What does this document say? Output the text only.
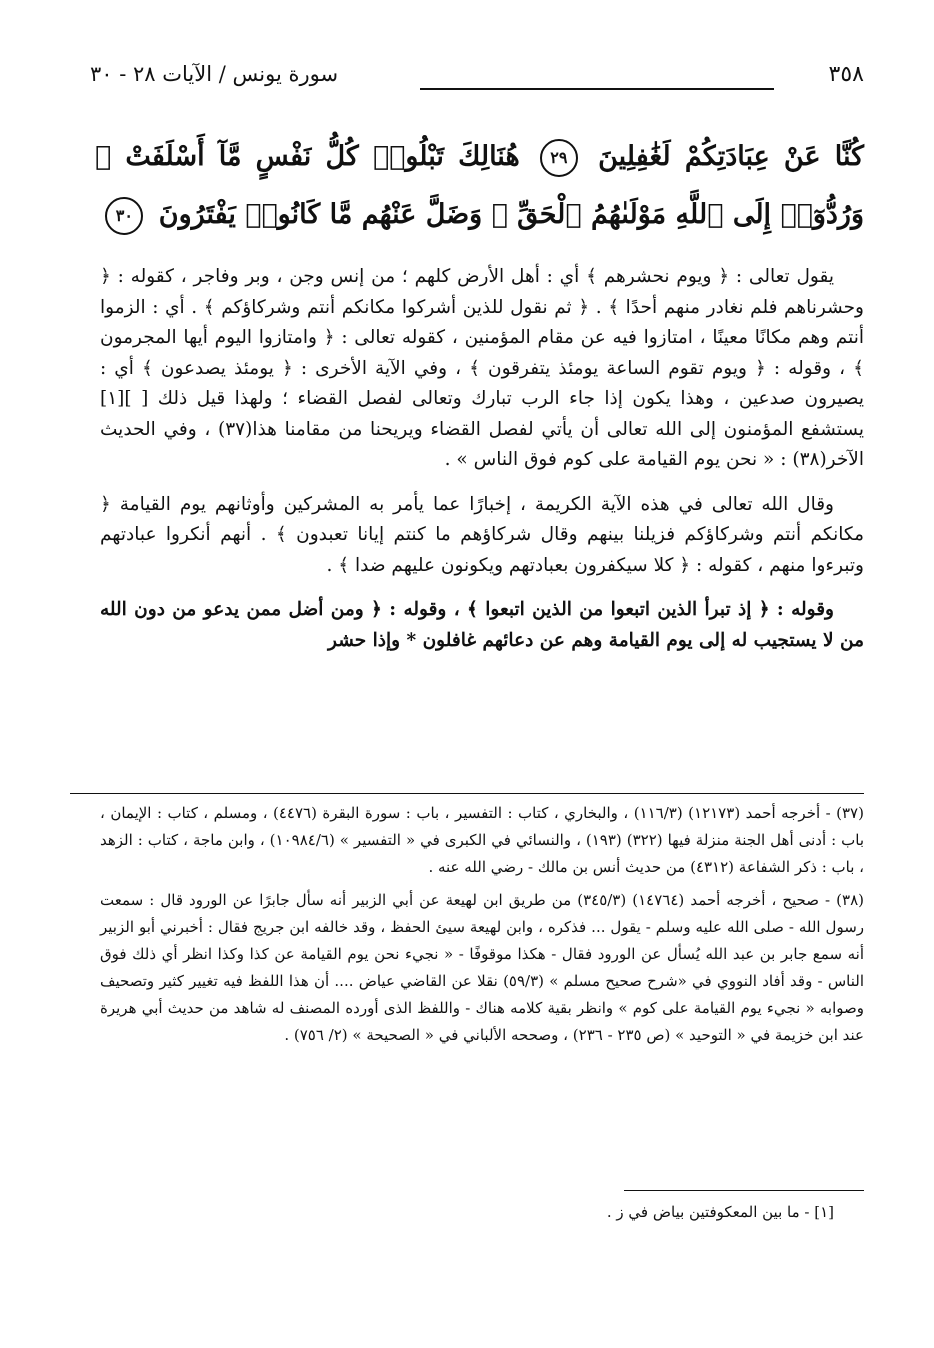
٣٥٨
سورة يونس / الآيات ٢٨ - ٣٠
كُنَّا عَنْ عِبَادَتِكُمْ لَغَٰفِلِينَ ٢٩ هُنَالِكَ تَبْلُوا۟ كُلُّ نَفْسٍ مَّآ أَسْلَفَتْ ۚ وَرُدُّوٓا۟ إِلَى ٱللَّهِ مَوْلَىٰهُمُ ٱلْحَقِّ ۖ وَضَلَّ عَنْهُم مَّا كَانُوا۟ يَفْتَرُونَ ٣٠

يقول تعالى : ﴿ ويوم نحشرهم ﴾ أي : أهل الأرض كلهم ؛ من إنس وجن ، وبر وفاجر ، كقوله : ﴿ وحشرناهم فلم نغادر منهم أحدًا ﴾ . ﴿ ثم نقول للذين أشركوا مكانكم أنتم وشركاؤكم ﴾ . أي : الزموا أنتم وهم مكانًا معينًا ، امتازوا فيه عن مقام المؤمنين ، كقوله تعالى : ﴿ وامتازوا اليوم أيها المجرمون ﴾ ، وقوله : ﴿ ويوم تقوم الساعة يومئذ يتفرقون ﴾ ، وفي الآية الأخرى : ﴿ يومئذ يصدعون ﴾ أي : يصيرون صدعين ، وهذا يكون إذا جاء الرب تبارك وتعالى لفصل القضاء ؛ ولهذا قيل ذلك [ ][١] يستشفع المؤمنون إلى الله تعالى أن يأتي لفصل القضاء ويريحنا من مقامنا هذا(٣٧) ، وفي الحديث الآخر(٣٨) : « نحن يوم القيامة على كوم فوق الناس » .

وقال الله تعالى في هذه الآية الكريمة ، إخبارًا عما يأمر به المشركين وأوثانهم يوم القيامة ﴿ مكانكم أنتم وشركاؤكم فزيلنا بينهم وقال شركاؤهم ما كنتم إيانا تعبدون ﴾ . أنهم أنكروا عبادتهم وتبرءوا منهم ، كقوله : ﴿ كلا سيكفرون بعبادتهم ويكونون عليهم ضدا ﴾ .

وقوله : ﴿ إذ تبرأ الذين اتبعوا من الذين اتبعوا ﴾ ، وقوله : ﴿ ومن أضل ممن يدعو من دون الله من لا يستجيب له إلى يوم القيامة وهم عن دعائهم غافلون * وإذا حشر

(٣٧) - أخرجه أحمد (١٢١٧٣) (١١٦/٣) ، والبخاري ، كتاب : التفسير ، باب : سورة البقرة (٤٤٧٦) ، ومسلم ، كتاب : الإيمان ، باب : أدنى أهل الجنة منزلة فيها (٣٢٢) (١٩٣) ، والنسائي في الكبرى في « التفسير » (١٠٩٨٤/٦) ، وابن ماجة ، كتاب : الزهد ، باب : ذكر الشفاعة (٤٣١٢) من حديث أنس بن مالك - رضي الله عنه .

(٣٨) - صحيح ، أخرجه أحمد (١٤٧٦٤) (٣٤٥/٣) من طريق ابن لهيعة عن أبي الزبير أنه سأل جابرًا عن الورود قال : سمعت رسول الله - صلى الله عليه وسلم - يقول ... فذكره ، وابن لهيعة سيئ الحفظ ، وقد خالفه ابن جريج فقال : أخبرني أبو الزبير أنه سمع جابر بن عبد الله يُسأل عن الورود فقال - هكذا موقوفًا - « نجيء نحن يوم القيامة عن كذا وكذا انظر أي ذلك فوق الناس - وقد أفاد النووي في «شرح صحيح مسلم » (٥٩/٣) نقلا عن القاضي عياض .... أن هذا اللفظ فيه تغيير كثير وتصحيف وصوابه « نجيء يوم القيامة على كوم » وانظر بقية كلامه هناك - واللفظ الذى أورده المصنف له شاهد من حديث أبي هريرة عند ابن خزيمة في « التوحيد » (ص ٢٣٥ - ٢٣٦) ، وصححه الألباني في « الصحيحة » (٢/ ٧٥٦) .

[١] - ما بين المعكوفتين بياض في ز .
